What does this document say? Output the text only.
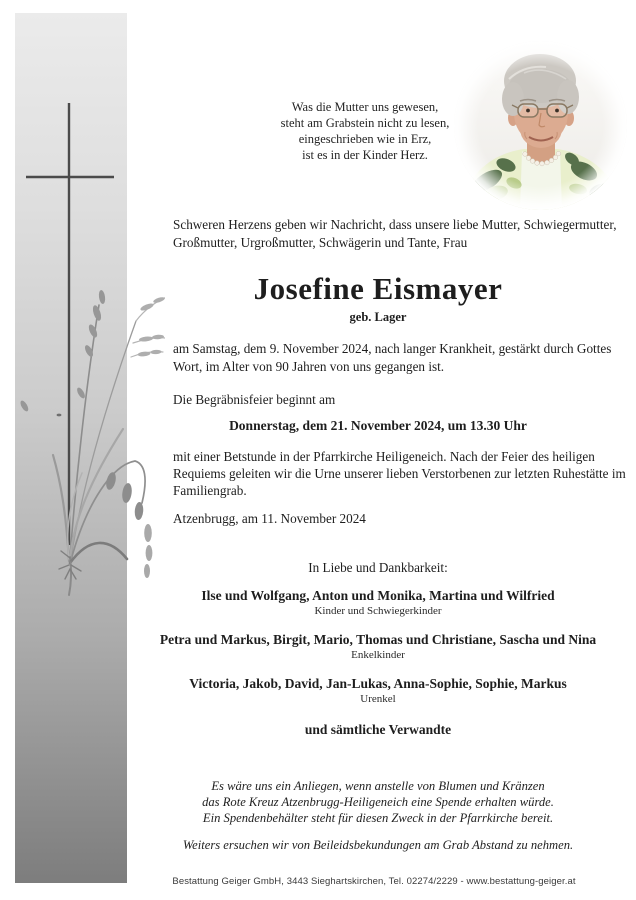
Was die Mutter uns gewesen,
steht am Grabstein nicht zu lesen,
eingeschrieben wie in Erz,
ist es in der Kinder Herz.

Schweren Herzens geben wir Nachricht, dass unsere liebe Mutter, Schwiegermutter, Großmutter, Urgroßmutter, Schwägerin und Tante, Frau

Josefine Eismayer
geb. Lager

am Samstag, dem 9. November 2024, nach langer Krankheit, gestärkt durch Gottes Wort, im Alter von 90 Jahren von uns gegangen ist.

Die Begräbnisfeier beginnt am

Donnerstag, dem 21. November 2024, um 13.30 Uhr

mit einer Betstunde in der Pfarrkirche Heiligeneich. Nach der Feier des heiligen Requiems geleiten wir die Urne unserer lieben Verstorbenen zur letzten Ruhestätte im Familiengrab.

Atzenbrugg, am 11. November 2024

In Liebe und Dankbarkeit:
Ilse und Wolfgang, Anton und Monika, Martina und Wilfried
Kinder und Schwiegerkinder
Petra und Markus, Birgit, Mario, Thomas und Christiane, Sascha und Nina
Enkelkinder
Victoria, Jakob, David, Jan-Lukas, Anna-Sophie, Sophie, Markus
Urenkel
und sämtliche Verwandte
Es wäre uns ein Anliegen, wenn anstelle von Blumen und Kränzen
das Rote Kreuz Atzenbrugg-Heiligeneich eine Spende erhalten würde.
Ein Spendenbehälter steht für diesen Zweck in der Pfarrkirche bereit.
Weiters ersuchen wir von Beileidsbekundungen am Grab Abstand zu nehmen.
Bestattung Geiger GmbH, 3443 Sieghartskirchen, Tel. 02274/2229 - www.bestattung-geiger.at
